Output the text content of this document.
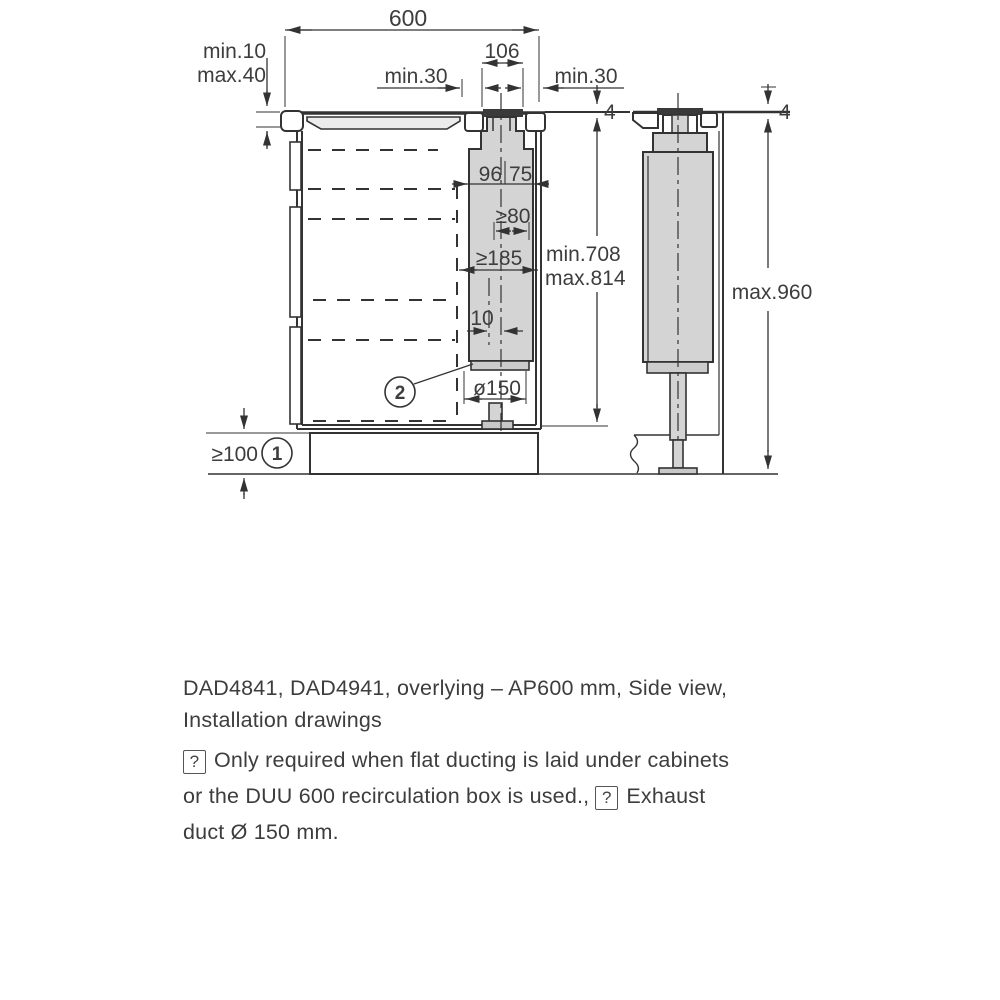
2
1
600
106
min.30	min.30
min.10
max.40
4
96 75
≥80
≥185 min.708
max.814
10
ø150
≥100
max.960
4
DAD4841, DAD4941, overlying – AP600 mm, Side view,
Installation drawings
? Only required when flat ducting is laid under cabinets
or the DUU 600 recirculation box is used., ? Exhaust
duct Ø 150 mm.
